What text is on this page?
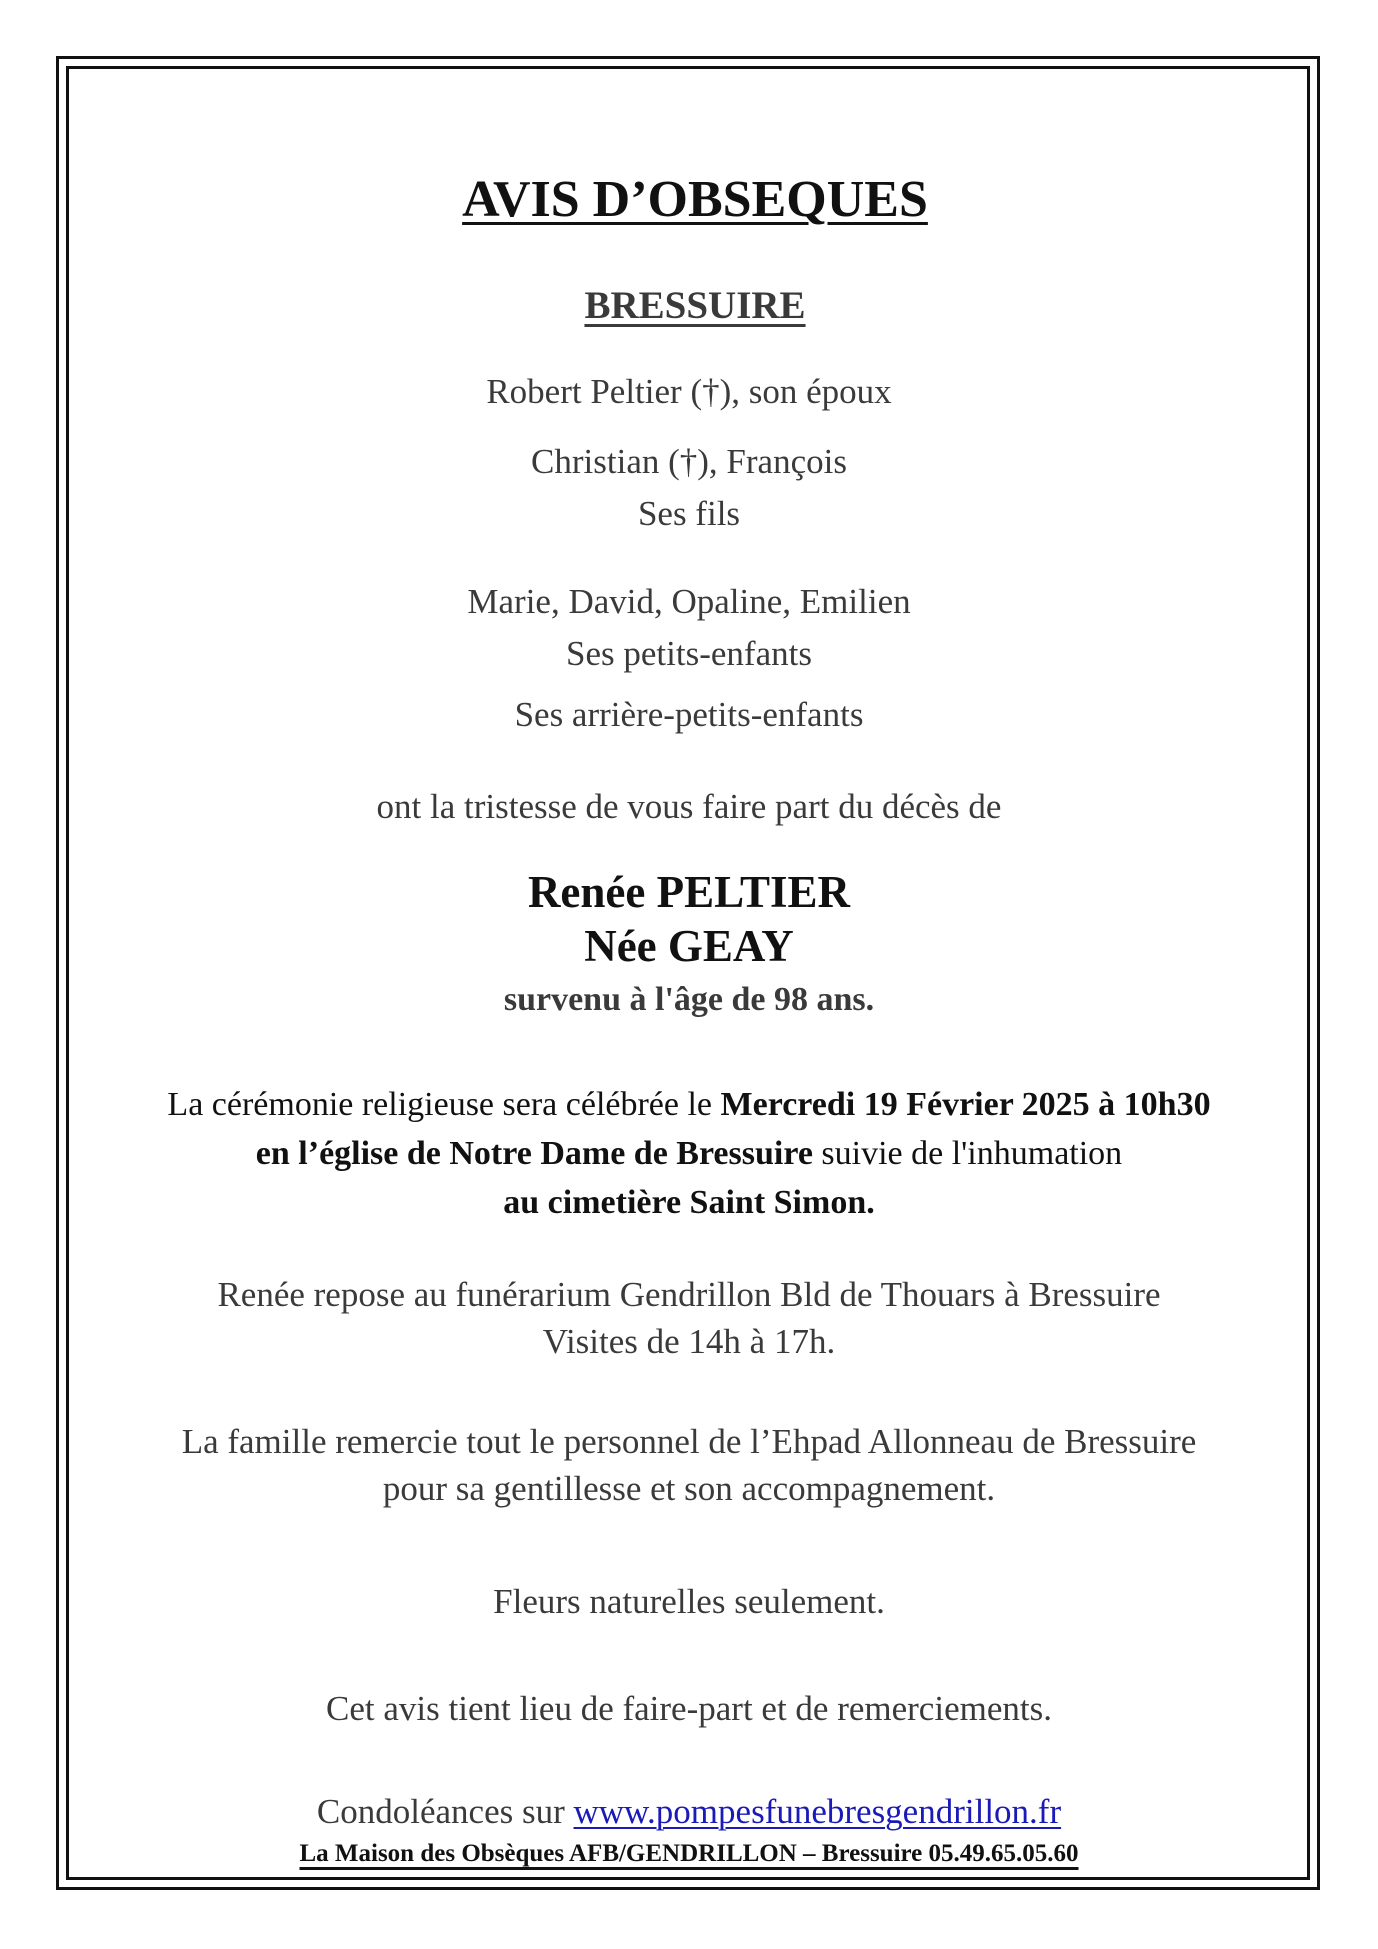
AVIS D’OBSEQUES
BRESSUIRE
Robert Peltier (†), son époux
Christian (†), François
Ses fils
Marie, David, Opaline, Emilien
Ses petits-enfants
Ses arrière-petits-enfants
ont la tristesse de vous faire part du décès de
Renée PELTIER
Née GEAY
survenu à l'âge de 98 ans.
La cérémonie religieuse sera célébrée le Mercredi 19 Février 2025 à 10h30
en l’église de Notre Dame de Bressuire suivie de l'inhumation
au cimetière Saint Simon.
Renée repose au funérarium Gendrillon Bld de Thouars à Bressuire
Visites de 14h à 17h.
La famille remercie tout le personnel de l’Ehpad Allonneau de Bressuire
pour sa gentillesse et son accompagnement.
Fleurs naturelles seulement.
Cet avis tient lieu de faire-part et de remerciements.
Condoléances sur www.pompesfunebresgendrillon.fr
La Maison des Obsèques AFB/GENDRILLON – Bressuire 05.49.65.05.60
